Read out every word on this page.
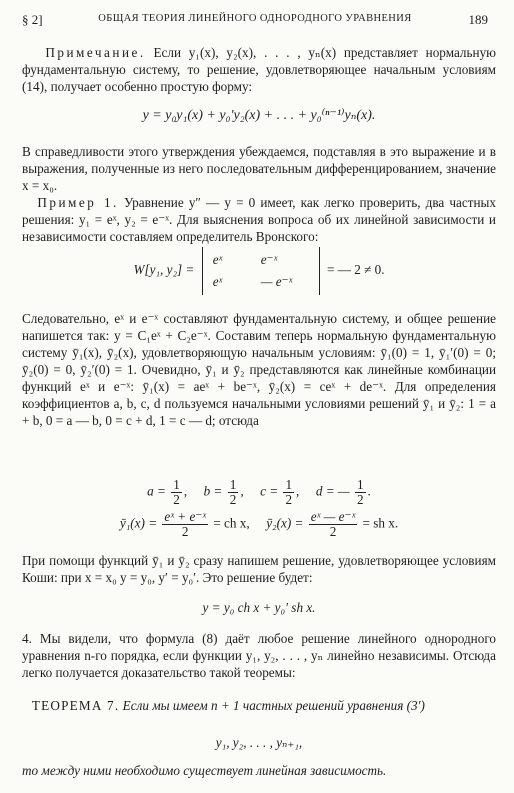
§ 2]	ОБЩАЯ ТЕОРИЯ ЛИНЕЙНОГО ОДНОРОДНОГО УРАВНЕНИЯ	189
Примечание. Если y₁(x), y₂(x), . . . , yₙ(x) представляет нормальную фундаментальную систему, то решение, удовлетворяющее начальным условиям (14), получает особенно простую форму:
y = y₀y₁(x) + y₀′y₂(x) + . . . + y₀⁽ⁿ⁻¹⁾yₙ(x).
В справедливости этого утверждения убеждаемся, подставляя в это выражение и в выражения, полученные из него последовательным дифференцированием, значение x = x₀.
Пример 1. Уравнение y″ — y = 0 имеет, как легко проверить, два частных решения: y₁ = eˣ, y₂ = e⁻ˣ. Для выяснения вопроса об их линейной зависимости и независимости составляем определитель Вронского:
W[y₁, y₂] = eˣ	e⁻ˣ
eˣ	— e⁻ˣ = — 2 ≠ 0.
Следовательно, eˣ и e⁻ˣ составляют фундаментальную систему, и общее решение напишется так: y = C₁eˣ + C₂e⁻ˣ. Составим теперь нормальную фундаментальную систему ȳ₁(x), ȳ₂(x), удовлетворяющую начальным условиям: ȳ₁(0) = 1, ȳ₁′(0) = 0; ȳ₂(0) = 0, ȳ₂′(0) = 1. Очевидно, ȳ₁ и ȳ₂ представляются как линейные комбинации функций eˣ и e⁻ˣ: ȳ₁(x) = aeˣ + be⁻ˣ, ȳ₂(x) = ceˣ + de⁻ˣ. Для определения коэффициентов a, b, c, d пользуемся начальными условиями решений ȳ₁ и ȳ₂: 1 = a + b, 0 = a — b, 0 = c + d, 1 = c — d; отсюда
$a = \frac{1}{2}$ ,     $b = \frac{1}{2}$ ,     $c = \frac{1}{2}$ ,     d = — $\frac{1}{2}$ .
ȳ₁(x) = $\frac{\text{eˣ + e⁻ˣ}}{2}$ = ch x, ȳ₂(x) = $\frac{\text{eˣ — e⁻ˣ}}{2}$ = sh x.
При помощи функций ȳ₁ и ȳ₂ сразу напишем решение, удовлетворяющее условиям Коши: при x = x₀ y = y₀, y′ = y₀′. Это решение будет:
y = y₀ ch x + y₀′ sh x.
4. Мы видели, что формула (8) даёт любое решение линейного однородного уравнения n-го порядка, если функции y₁, y₂, . . . , yₙ линейно независимы. Отсюда легко получается доказательство такой теоремы:
ТЕОРЕМА 7. Если мы имеем n + 1 частных решений уравнения (3′)
y₁, y₂, . . . , yₙ₊₁,
то между ними необходимо существует линейная зависимость.
